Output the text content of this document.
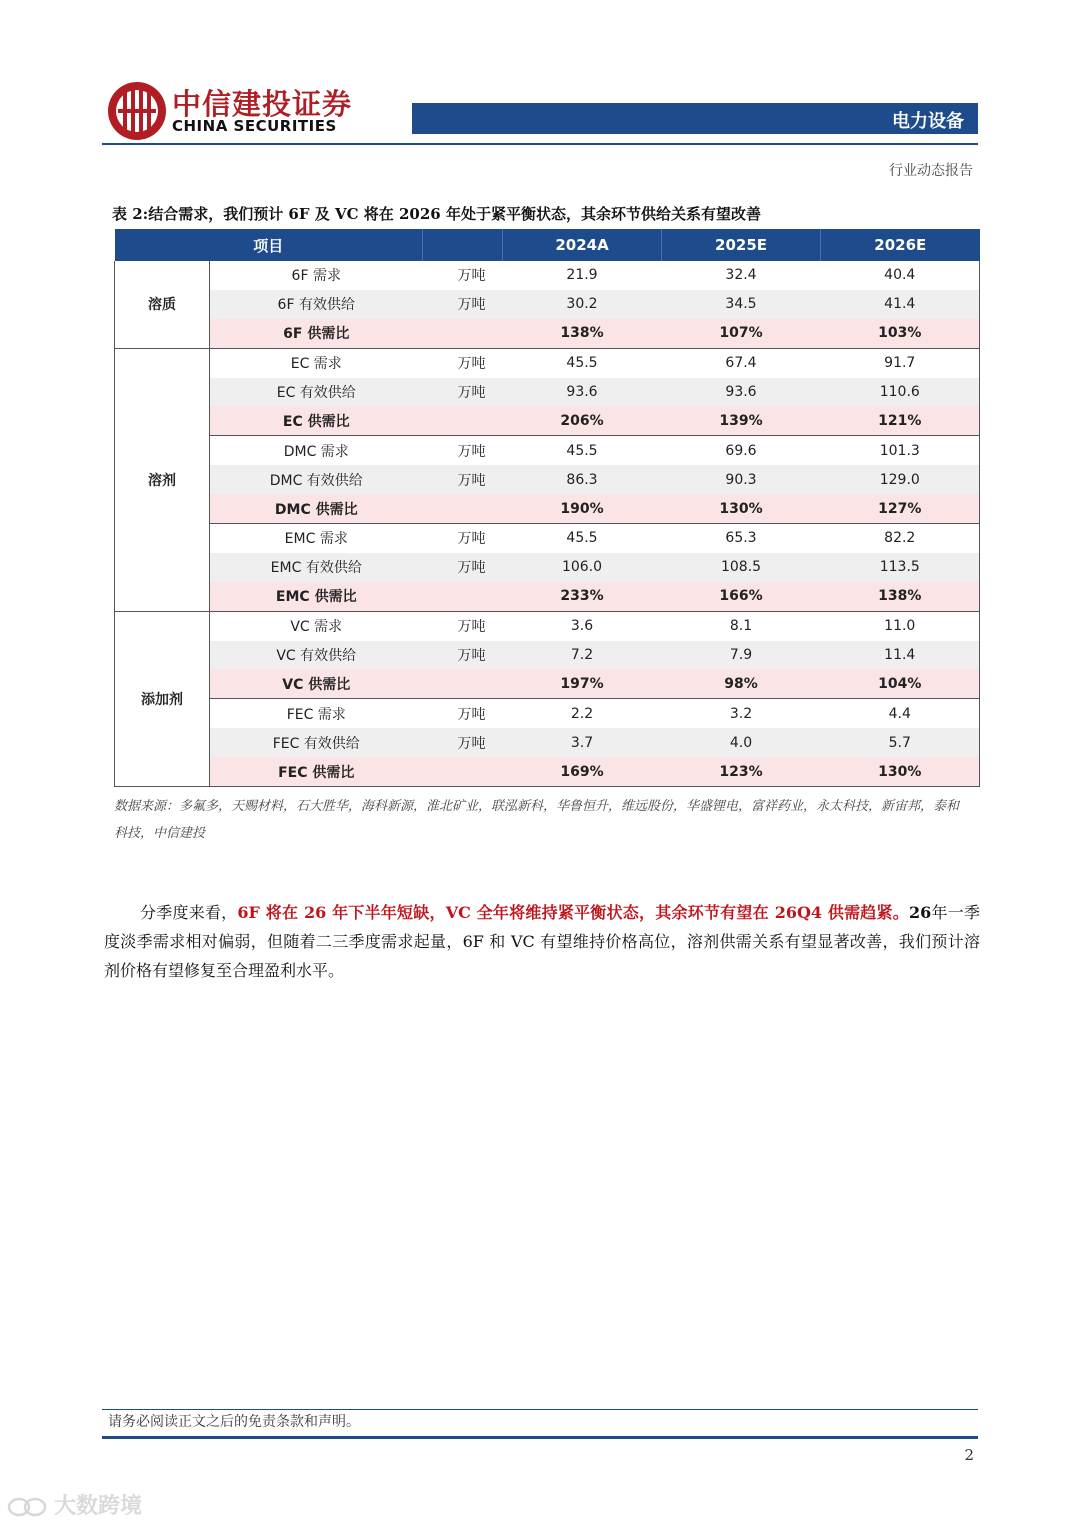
中信建投证券
CHINA SECURITIES	电力设备
行业动态报告
表 2:结合需求，我们预计 6F 及 VC 将在 2026 年处于紧平衡状态，其余环节供给关系有望改善
项目			2024A	2025E	2026E
溶质	6F 需求	万吨	21.9	32.4	40.4
	6F 有效供给	万吨	30.2	34.5	41.4
	6F 供需比		138%	107%	103%
溶剂	EC 需求	万吨	45.5	67.4	91.7
	EC 有效供给	万吨	93.6	93.6	110.6
	EC 供需比		206%	139%	121%
	DMC 需求	万吨	45.5	69.6	101.3
	DMC 有效供给	万吨	86.3	90.3	129.0
	DMC 供需比		190%	130%	127%
	EMC 需求	万吨	45.5	65.3	82.2
	EMC 有效供给	万吨	106.0	108.5	113.5
	EMC 供需比		233%	166%	138%
添加剂	VC 需求	万吨	3.6	8.1	11.0
	VC 有效供给	万吨	7.2	7.9	11.4
	VC 供需比		197%	98%	104%
	FEC 需求	万吨	2.2	3.2	4.4
	FEC 有效供给	万吨	3.7	4.0	5.7
	FEC 供需比		169%	123%	130%
数据来源：多氟多，天赐材料，石大胜华，海科新源，淮北矿业，联泓新科，华鲁恒升，维远股份，华盛锂电，富祥药业，永太科技，新宙邦，泰和科技，中信建投
分季度来看，6F 将在 26 年下半年短缺，VC 全年将维持紧平衡状态，其余环节有望在 26Q4 供需趋紧。26年一季度淡季需求相对偏弱，但随着二三季度需求起量，6F 和 VC 有望维持价格高位，溶剂供需关系有望显著改善，我们预计溶剂价格有望修复至合理盈利水平。
请务必阅读正文之后的免责条款和声明。
2
大数跨境
